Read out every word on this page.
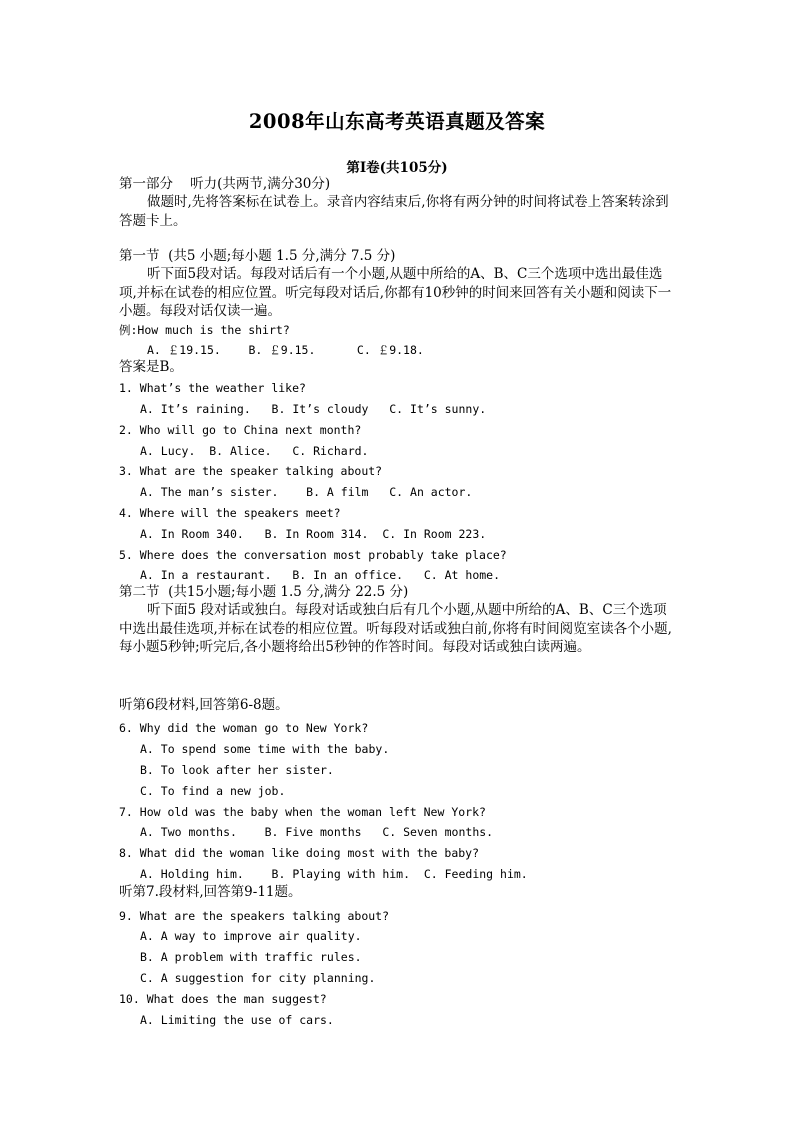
2008年山东高考英语真题及答案
第I卷(共105分)
第一部分    听力(共两节,满分30分)
做题时,先将答案标在试卷上。录音内容结束后,你将有两分钟的时间将试卷上答案转涂到答题卡上。
第一节  (共5 小题;每小题 1.5 分,满分 7.5 分)
听下面5段对话。每段对话后有一个小题,从题中所给的A、B、C三个选项中选出最佳选项,并标在试卷的相应位置。听完每段对话后,你都有10秒钟的时间来回答有关小题和阅读下一小题。每段对话仅读一遍。
例:How much is the shirt?
A. ￡19.15.    B. ￡9.15.      C. ￡9.18.
答案是B。
1. What’s the weather like?
A. It’s raining.   B. It’s cloudy   C. It’s sunny.
2. Who will go to China next month?
A. Lucy.  B. Alice.   C. Richard.
3. What are the speaker talking about?
A. The man’s sister.    B. A film   C. An actor.
4. Where will the speakers meet?
A. In Room 340.   B. In Room 314.  C. In Room 223.
5. Where does the conversation most probably take place?
A. In a restaurant.   B. In an office.   C. At home.
第二节  (共15小题;每小题 1.5 分,满分 22.5 分)
听下面5 段对话或独白。每段对话或独白后有几个小题,从题中所给的A、B、C三个选项中选出最佳选项,并标在试卷的相应位置。听每段对话或独白前,你将有时间阅览室读各个小题,每小题5秒钟;听完后,各小题将给出5秒钟的作答时间。每段对话或独白读两遍。
听第6段材料,回答第6-8题。
6. Why did the woman go to New York?
A. To spend some time with the baby.
B. To look after her sister.
C. To find a new job.
7. How old was the baby when the woman left New York?
A. Two months.    B. Five months   C. Seven months.
8. What did the woman like doing most with the baby?
A. Holding him.    B. Playing with him.  C. Feeding him.
听第7.段材料,回答第9-11题。
9. What are the speakers talking about?
A. A way to improve air quality.
B. A problem with traffic rules.
C. A suggestion for city planning.
10. What does the man suggest?
A. Limiting the use of cars.
